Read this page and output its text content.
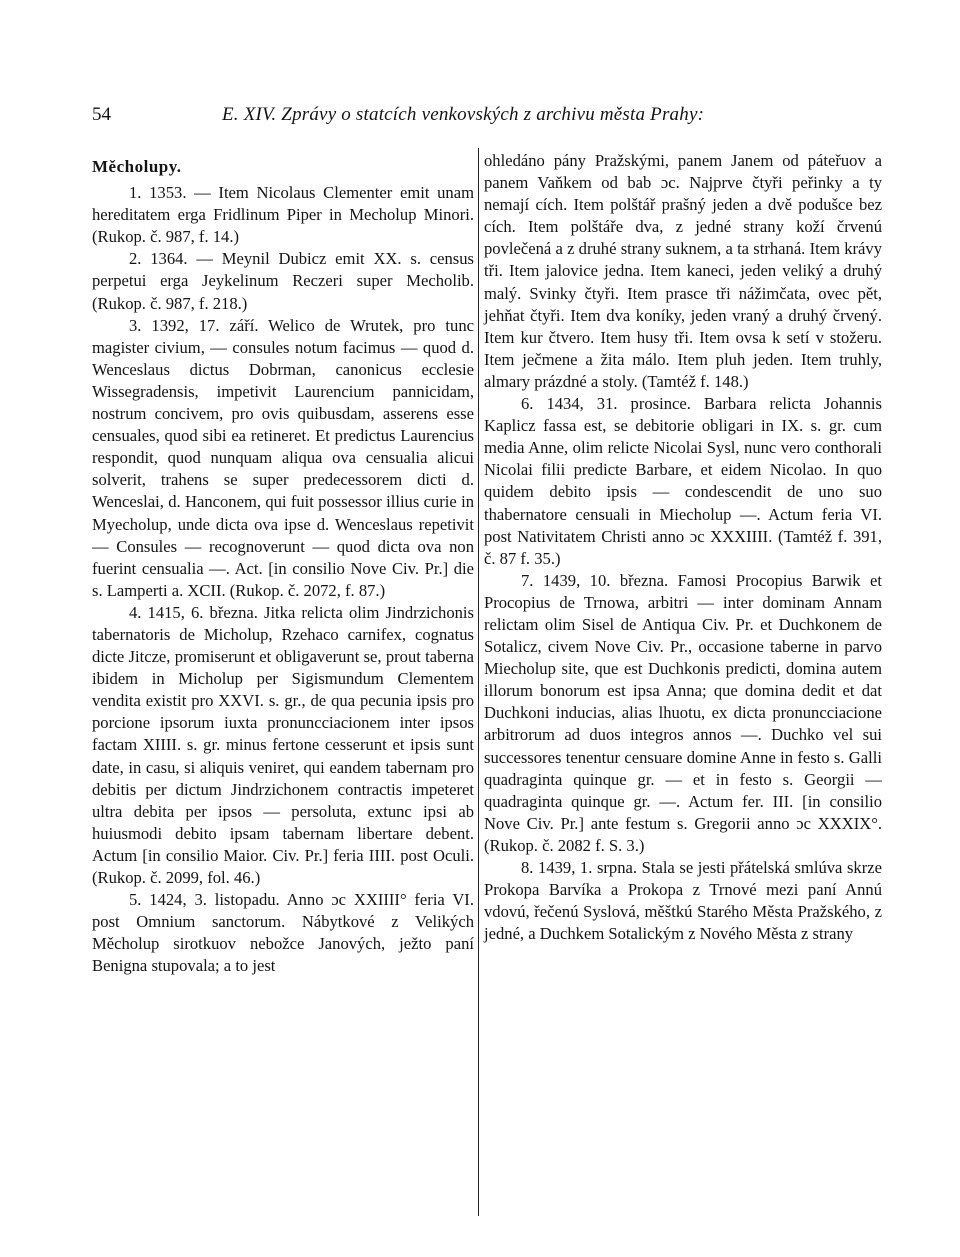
54	E. XIV. Zprávy o statcích venkovských z archivu města Prahy:
Měcholupy.

1. 1353. — Item Nicolaus Clementer emit unam hereditatem erga Fridlinum Piper in Mecholup Minori. (Rukop. č. 987, f. 14.)

2. 1364. — Meynil Dubicz emit XX. s. census perpetui erga Jeykelinum Reczeri super Mecholib. (Rukop. č. 987, f. 218.)

3. 1392, 17. září. Welico de Wrutek, pro tunc magister civium, — consules notum facimus — quod d. Wenceslaus dictus Dobrman, canonicus ecclesie Wissegradensis, impetivit Laurencium pannicidam, nostrum concivem, pro ovis quibusdam, asserens esse censuales, quod sibi ea retineret. Et predictus Laurencius respondit, quod nunquam aliqua ova censualia alicui solverit, trahens se super predecessorem dicti d. Wenceslai, d. Hanconem, qui fuit possessor illius curie in Myecholup, unde dicta ova ipse d. Wenceslaus repetivit — Consules — recognoverunt — quod dicta ova non fuerint censualia —. Act. [in consilio Nove Civ. Pr.] die s. Lamperti a. XCII. (Rukop. č. 2072, f. 87.)

4. 1415, 6. března. Jitka relicta olim Jindrzichonis tabernatoris de Micholup, Rzehaco carnifex, cognatus dicte Jitcze, promiserunt et obligaverunt se, prout taberna ibidem in Micholup per Sigismundum Clementem vendita existit pro XXVI. s. gr., de qua pecunia ipsis pro porcione ipsorum iuxta pronuncciacionem inter ipsos factam XIIII. s. gr. minus fertone cesserunt et ipsis sunt date, in casu, si aliquis veniret, qui eandem tabernam pro debitis per dictum Jindrzichonem contractis impeteret ultra debita per ipsos — persoluta, extunc ipsi ab huiusmodi debito ipsam tabernam libertare debent. Actum [in consilio Maior. Civ. Pr.] feria IIII. post Oculi. (Rukop. č. 2099, fol. 46.)

5. 1424, 3. listopadu. Anno ɔc XXIIII° feria VI. post Omnium sanctorum. Nábytkové z Velikých Měcholup sirotkuov nebožce Janových, ježto paní Benigna stupovala; a to jest

ohledáno pány Pražskými, panem Janem od páteřuov a panem Vaňkem od bab ɔc. Najprve čtyři peřinky a ty nemají cích. Item polštář prašný jeden a dvě podušce bez cích. Item polštáře dva, z jedné strany koží črvenú povlečená a z druhé strany suknem, a ta strhaná. Item krávy tři. Item jalovice jedna. Item kaneci, jeden veliký a druhý malý. Svinky čtyři. Item prasce tři nážimčata, ovec pět, jehňat čtyři. Item dva koníky, jeden vraný a druhý črvený. Item kur čtvero. Item husy tři. Item ovsa k setí v stožeru. Item ječmene a žita málo. Item pluh jeden. Item truhly, almary prázdné a stoly. (Tamtéž f. 148.)

6. 1434, 31. prosince. Barbara relicta Johannis Kaplicz fassa est, se debitorie obligari in IX. s. gr. cum media Anne, olim relicte Nicolai Sysl, nunc vero conthorali Nicolai filii predicte Barbare, et eidem Nicolao. In quo quidem debito ipsis — condescendit de uno suo thabernatore censuali in Miecholup —. Actum feria VI. post Nativitatem Christi anno ɔc XXXIIII. (Tamtéž f. 391, č. 87 f. 35.)

7. 1439, 10. března. Famosi Procopius Barwik et Procopius de Trnowa, arbitri — inter dominam Annam relictam olim Sisel de Antiqua Civ. Pr. et Duchkonem de Sotalicz, civem Nove Civ. Pr., occasione taberne in parvo Miecholup site, que est Duchkonis predicti, domina autem illorum bonorum est ipsa Anna; que domina dedit et dat Duchkoni inducias, alias lhuotu, ex dicta pronuncciacione arbitrorum ad duos integros annos —. Duchko vel sui successores tenentur censuare domine Anne in festo s. Galli quadraginta quinque gr. — et in festo s. Georgii — quadraginta quinque gr. —. Actum fer. III. [in consilio Nove Civ. Pr.] ante festum s. Gregorii anno ɔc XXXIX°. (Rukop. č. 2082 f. S. 3.)

8. 1439, 1. srpna. Stala se jesti přátelská smlúva skrze Prokopa Barvíka a Prokopa z Trnové mezi paní Annú vdovú, řečenú Syslová, měštkú Starého Města Pražského, z jedné, a Duchkem Sotalickým z Nového Města z strany
